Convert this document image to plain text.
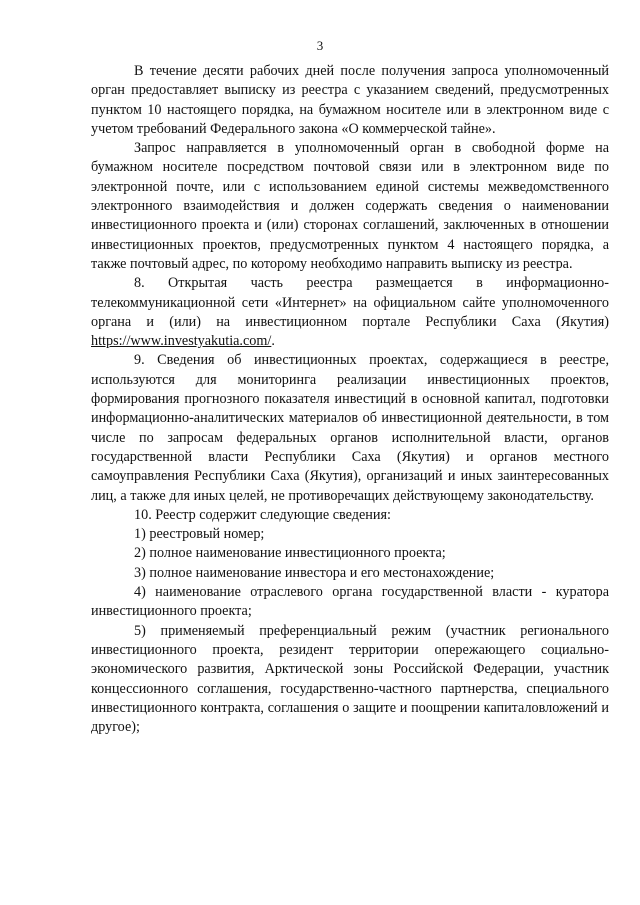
3

В течение десяти рабочих дней после получения запроса уполномоченный орган предоставляет выписку из реестра с указанием сведений, предусмотренных пунктом 10 настоящего порядка, на бумажном носителе или в электронном виде с учетом требований Федерального закона «О коммерческой тайне».

Запрос направляется в уполномоченный орган в свободной форме на бумажном носителе посредством почтовой связи или в электронном виде по электронной почте, или с использованием единой системы межведомственного электронного взаимодействия и должен содержать сведения о наименовании инвестиционного проекта и (или) сторонах соглашений, заключенных в отношении инвестиционных проектов, предусмотренных пунктом 4 настоящего порядка, а также почтовый адрес, по которому необходимо направить выписку из реестра.

8. Открытая часть реестра размещается в информационно-телекоммуникационной сети «Интернет» на официальном сайте уполномоченного органа и (или) на инвестиционном портале Республики Саха (Якутия) https://www.investyakutia.com/.

9. Сведения об инвестиционных проектах, содержащиеся в реестре, используются для мониторинга реализации инвестиционных проектов, формирования прогнозного показателя инвестиций в основной капитал, подготовки информационно-аналитических материалов об инвестиционной деятельности, в том числе по запросам федеральных органов исполнительной власти, органов государственной власти Республики Саха (Якутия) и органов местного самоуправления Республики Саха (Якутия), организаций и иных заинтересованных лиц, а также для иных целей, не противоречащих действующему законодательству.

10. Реестр содержит следующие сведения:

1) реестровый номер;

2) полное наименование инвестиционного проекта;

3) полное наименование инвестора и его местонахождение;

4) наименование отраслевого органа государственной власти - куратора инвестиционного проекта;

5) применяемый преференциальный режим (участник регионального инвестиционного проекта, резидент территории опережающего социально-экономического развития, Арктической зоны Российской Федерации, участник концессионного соглашения, государственно-частного партнерства, специального инвестиционного контракта, соглашения о защите и поощрении капиталовложений и другое);
